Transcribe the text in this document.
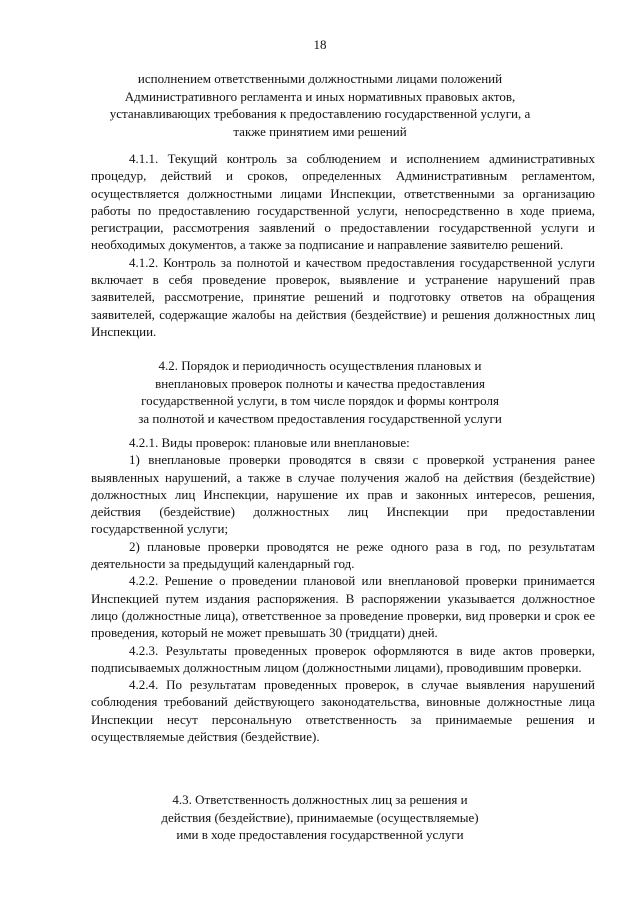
18
исполнением ответственными должностными лицами положений
Административного регламента и иных нормативных правовых актов,
устанавливающих требования к предоставлению государственной услуги, а
также принятием ими решений

4.1.1. Текущий контроль за соблюдением и исполнением административных процедур, действий и сроков, определенных Административным регламентом, осуществляется должностными лицами Инспекции, ответственными за организацию работы по предоставлению государственной услуги, непосредственно в ходе приема, регистрации, рассмотрения заявлений о предоставлении государственной услуги и необходимых документов, а также за подписание и направление заявителю решений.

4.1.2. Контроль за полнотой и качеством предоставления государственной услуги включает в себя проведение проверок, выявление и устранение нарушений прав заявителей, рассмотрение, принятие решений и подготовку ответов на обращения заявителей, содержащие жалобы на действия (бездействие) и решения должностных лиц Инспекции.

4.2. Порядок и периодичность осуществления плановых и
внеплановых проверок полноты и качества предоставления
государственной услуги, в том числе порядок и формы контроля
за полнотой и качеством предоставления государственной услуги

4.2.1. Виды проверок: плановые или внеплановые:

1) внеплановые проверки проводятся в связи с проверкой устранения ранее выявленных нарушений, а также в случае получения жалоб на действия (бездействие) должностных лиц Инспекции, нарушение их прав и законных интересов, решения, действия (бездействие) должностных лиц Инспекции при предоставлении государственной услуги;

2) плановые проверки проводятся не реже одного раза в год, по результатам деятельности за предыдущий календарный год.

4.2.2. Решение о проведении плановой или внеплановой проверки принимается Инспекцией путем издания распоряжения. В распоряжении указывается должностное лицо (должностные лица), ответственное за проведение проверки, вид проверки и срок ее проведения, который не может превышать 30 (тридцати) дней.

4.2.3. Результаты проведенных проверок оформляются в виде актов проверки, подписываемых должностным лицом (должностными лицами), проводившим проверки.

4.2.4. По результатам проведенных проверок, в случае выявления нарушений соблюдения требований действующего законодательства, виновные должностные лица Инспекции несут персональную ответственность за принимаемые решения и осуществляемые действия (бездействие).

4.3. Ответственность должностных лиц за решения и
действия (бездействие), принимаемые (осуществляемые)
ими в ходе предоставления государственной услуги
